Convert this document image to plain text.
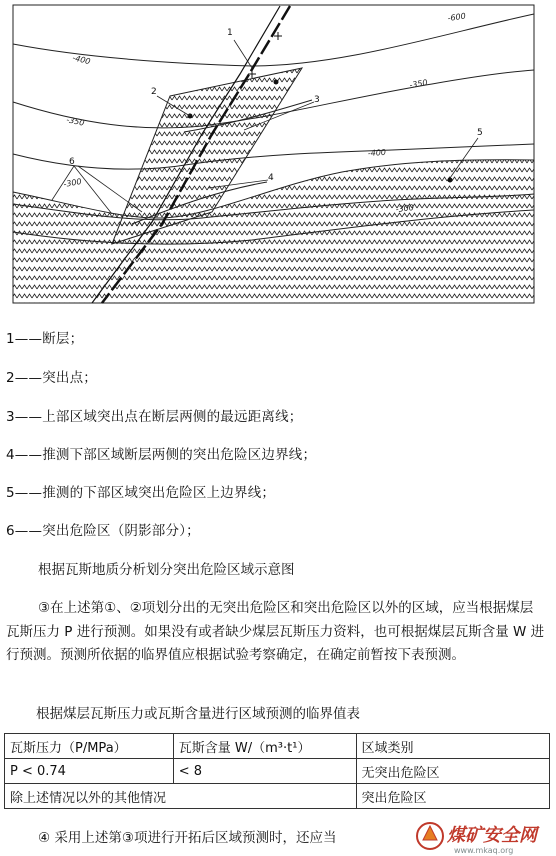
-600
-400
-350
-350
-400
-300
-300
1
2
3
4
5
6
1——断层；
2——突出点；
3——上部区域突出点在断层两侧的最远距离线；
4——推测下部区域断层两侧的突出危险区边界线；
5——推测的下部区域突出危险区上边界线；
6——突出危险区（阴影部分）；
根据瓦斯地质分析划分突出危险区域示意图
③在上述第①、②项划分出的无突出危险区和突出危险区以外的区域，应当根据煤层瓦斯压力 P 进行预测。如果没有或者缺少煤层瓦斯压力资料，也可根据煤层瓦斯含量 W 进行预测。预测所依据的临界值应根据试验考察确定，在确定前暂按下表预测。
根据煤层瓦斯压力或瓦斯含量进行区域预测的临界值表
瓦斯压力（P/MPa）	瓦斯含量 W/（m³·t¹）	区域类别
P < 0.74	< 8	无突出危险区
除上述情况以外的其他情况		突出危险区
④ 采用上述第③项进行开拓后区域预测时，还应当	煤矿安全网
www.mkaq.org
